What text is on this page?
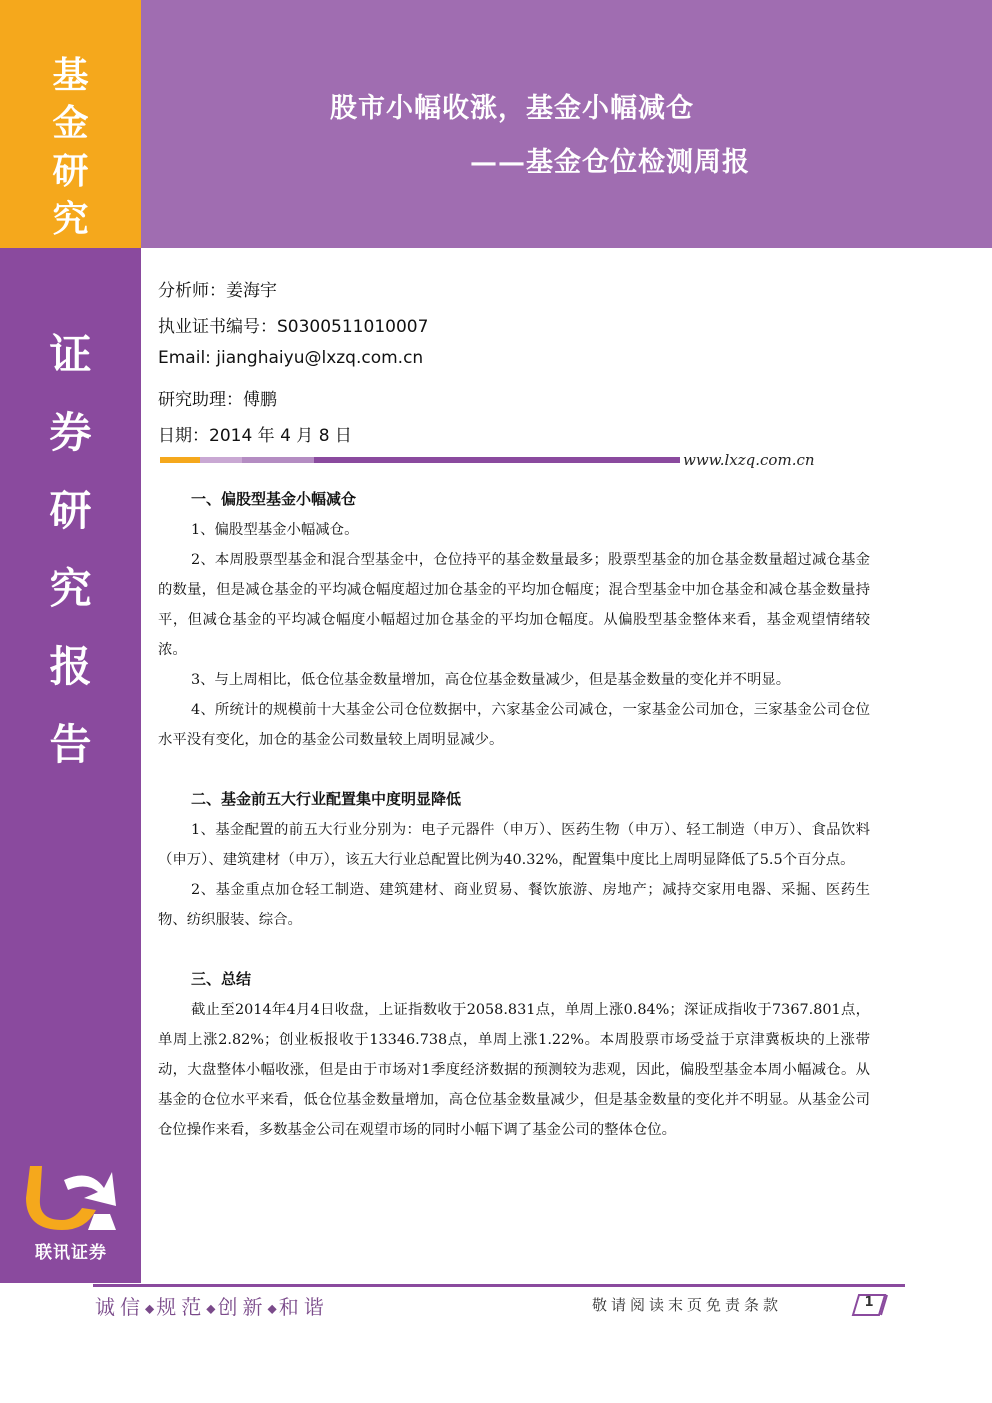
基
金
研
究
证
券
研
究
报
告
联讯证券
股市小幅收涨，基金小幅减仓
——基金仓位检测周报
分析师：姜海宇
执业证书编号：S0300511010007
Email: jianghaiyu@lxzq.com.cn
研究助理：傅鹏
日期：2014 年 4 月 8 日
www.lxzq.com.cn
一、偏股型基金小幅减仓

1、偏股型基金小幅减仓。

2、本周股票型基金和混合型基金中，仓位持平的基金数量最多；股票型基金的加仓基金数量超过减仓基金的数量，但是减仓基金的平均减仓幅度超过加仓基金的平均加仓幅度；混合型基金中加仓基金和减仓基金数量持平，但减仓基金的平均减仓幅度小幅超过加仓基金的平均加仓幅度。从偏股型基金整体来看，基金观望情绪较浓。

3、与上周相比，低仓位基金数量增加，高仓位基金数量减少，但是基金数量的变化并不明显。

4、所统计的规模前十大基金公司仓位数据中，六家基金公司减仓，一家基金公司加仓，三家基金公司仓位水平没有变化，加仓的基金公司数量较上周明显减少。

二、基金前五大行业配置集中度明显降低

1、基金配置的前五大行业分别为：电子元器件（申万）、医药生物（申万）、轻工制造（申万）、食品饮料（申万）、建筑建材（申万），该五大行业总配置比例为40.32%，配置集中度比上周明显降低了5.5个百分点。

2、基金重点加仓轻工制造、建筑建材、商业贸易、餐饮旅游、房地产；减持交家用电器、采掘、医药生物、纺织服装、综合。

三、总结

截止至2014年4月4日收盘，上证指数收于2058.831点，单周上涨0.84%；深证成指收于7367.801点，单周上涨2.82%；创业板报收于13346.738点，单周上涨1.22%。本周股票市场受益于京津冀板块的上涨带动，大盘整体小幅收涨，但是由于市场对1季度经济数据的预测较为悲观，因此，偏股型基金本周小幅减仓。从基金的仓位水平来看，低仓位基金数量增加，高仓位基金数量减少，但是基金数量的变化并不明显。从基金公司仓位操作来看，多数基金公司在观望市场的同时小幅下调了基金公司的整体仓位。

诚信◆规范◆创新◆和谐	敬请阅读末页免责条款	1
